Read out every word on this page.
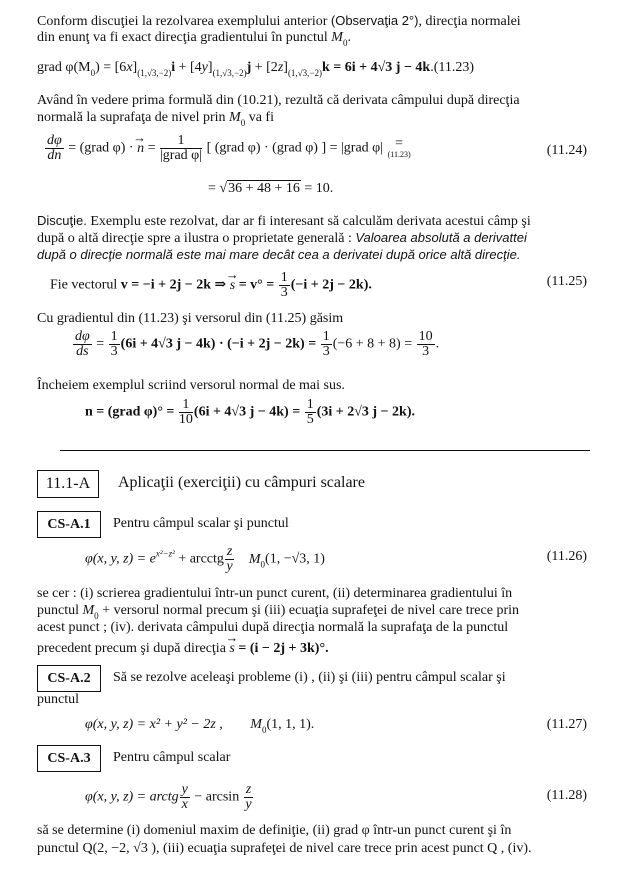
Conform discuţiei la rezolvarea exemplului anterior (Observaţia 2°), direcţia normalei
din enunţ va fi exact direcţia gradientului în punctul $M_0$.
grad $\varphi(M_0) = [6x]_{(1,√3,-2)}i + [4y]_{(1,√3,-2)}j + [2z]_{(1,√3,-2)}k = 6i + 4√3$ j − 4k.(11.23)
Având în vedere prima formulă din (10.21), rezultă că derivata câmpului după direcţia
normală la suprafaţa de nivel prin $M_0$ va fi
$\frac{d\varphi}{dn}$ = (grad φ) · → $n = \frac{1}{\text{|grad φ|}}$ [ (grad φ) · (grad φ) ] = |grad φ| =
(11.23)	(11.24)
= √36 + 48 + 16 = 10.
Discuţie. Exemplu este rezolvat, dar ar fi interesant să calculăm derivata acestui câmp şi
după o altă direcţie spre a ilustra o proprietate generală : Valoarea absolută a derivattei
după o direcţie normală este mai mare decât cea a derivatei după orice altă direcţie.
Fie vectorul v = −i + 2j − 2k ⇒ → $s = v^\circ = \frac{1}{3} (-i + 2j - 2k)$.	(11.25)
Cu gradientul din (11.23) şi versorul din (11.25) găsim
$\frac{d\varphi}{ds} = \frac{1}{3} (6i + 4√3$ $j - 4k) \cdot (-i + 2j - 2k) = \frac{1}{3} (-6 + 8 + 8) = \frac{10}{3}$ .
Încheiem exemplul scriind versorul normal de mai sus.
n = (grad $\varphi)^\circ = \frac{1}{10} (6i + 4√3$ $j - 4k) = \frac{1}{5} (3i + 2√3$ j − 2k).
11.1-A	Aplicaţii (exerciţii) cu câmpuri scalare
CS-A.1	Pentru câmpul scalar şi punctul
φ(x, y, $z) = e^{x^2-z^2}$ + arcctg $\frac{z}{y} M_0(1$, −√3, 1)	(11.26)
se cer : (i) scrierea gradientului într-un punct curent, (ii) determinarea gradientului în
punctul $M_0$ + versorul normal precum şi (iii) ecuaţia suprafeţei de nivel care trece prin
acest punct ; (iv). derivata câmpului după direcţia normală la suprafaţa de la punctul
precedent precum şi după direcţia → s = (i − 2j + 3k)°.
CS-A.2	Să se rezolve aceleaşi probleme (i) , (ii) şi (iii) pentru câmpul scalar şi
punctul
φ(x, y, z) = x² + y² − 2z , $M_0(1$, 1, 1).	(11.27)
CS-A.3	Pentru câmpul scalar
φ(x, y, z) = arctg $\frac{y}{x} - \arcsin \frac{z}{y}$	(11.28)
să se determine (i) domeniul maxim de definiţie, (ii) grad φ într-un punct curent şi în
punctul Q(2, −2, √3 ), (iii) ecuaţia suprafeţei de nivel care trece prin acest punct Q , (iv).
